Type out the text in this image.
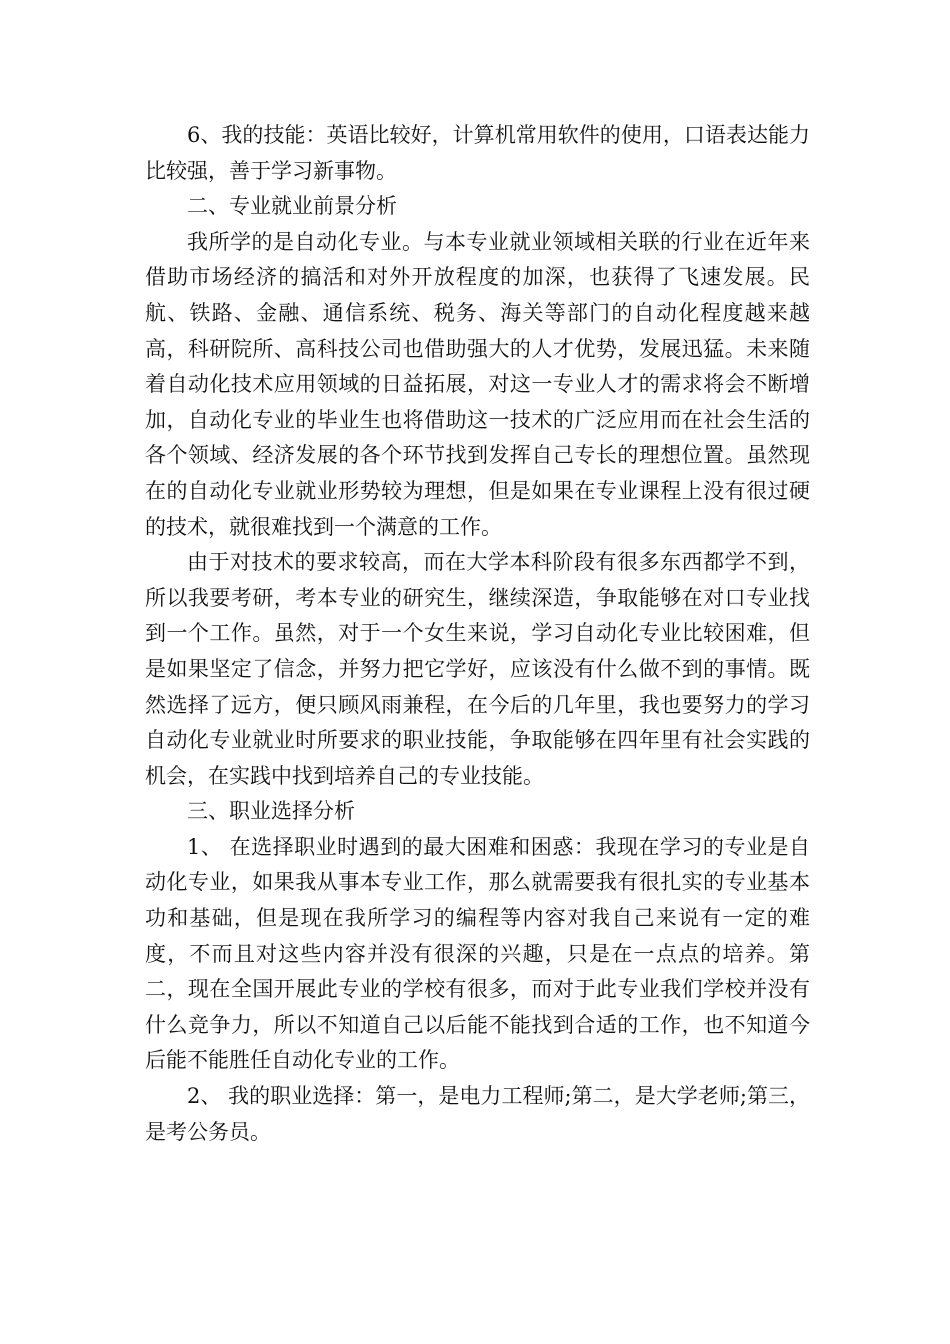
6、我的技能：英语比较好，计算机常用软件的使用，口语表达能力比较强，善于学习新事物。

二、专业就业前景分析

我所学的是自动化专业。与本专业就业领域相关联的行业在近年来借助市场经济的搞活和对外开放程度的加深，也获得了飞速发展。民航、铁路、金融、通信系统、税务、海关等部门的自动化程度越来越高，科研院所、高科技公司也借助强大的人才优势，发展迅猛。未来随着自动化技术应用领域的日益拓展，对这一专业人才的需求将会不断增加，自动化专业的毕业生也将借助这一技术的广泛应用而在社会生活的各个领域、经济发展的各个环节找到发挥自己专长的理想位置。虽然现在的自动化专业就业形势较为理想，但是如果在专业课程上没有很过硬的技术，就很难找到一个满意的工作。

由于对技术的要求较高，而在大学本科阶段有很多东西都学不到，所以我要考研，考本专业的研究生，继续深造，争取能够在对口专业找到一个工作。虽然，对于一个女生来说，学习自动化专业比较困难，但是如果坚定了信念，并努力把它学好，应该没有什么做不到的事情。既然选择了远方，便只顾风雨兼程，在今后的几年里，我也要努力的学习自动化专业就业时所要求的职业技能，争取能够在四年里有社会实践的机会，在实践中找到培养自己的专业技能。

三、职业选择分析

1、 在选择职业时遇到的最大困难和困惑：我现在学习的专业是自动化专业，如果我从事本专业工作，那么就需要我有很扎实的专业基本功和基础，但是现在我所学习的编程等内容对我自己来说有一定的难度，不而且对这些内容并没有很深的兴趣，只是在一点点的培养。第二，现在全国开展此专业的学校有很多，而对于此专业我们学校并没有什么竞争力，所以不知道自己以后能不能找到合适的工作，也不知道今后能不能胜任自动化专业的工作。

2、 我的职业选择：第一，是电力工程师;第二，是大学老师;第三，是考公务员。
